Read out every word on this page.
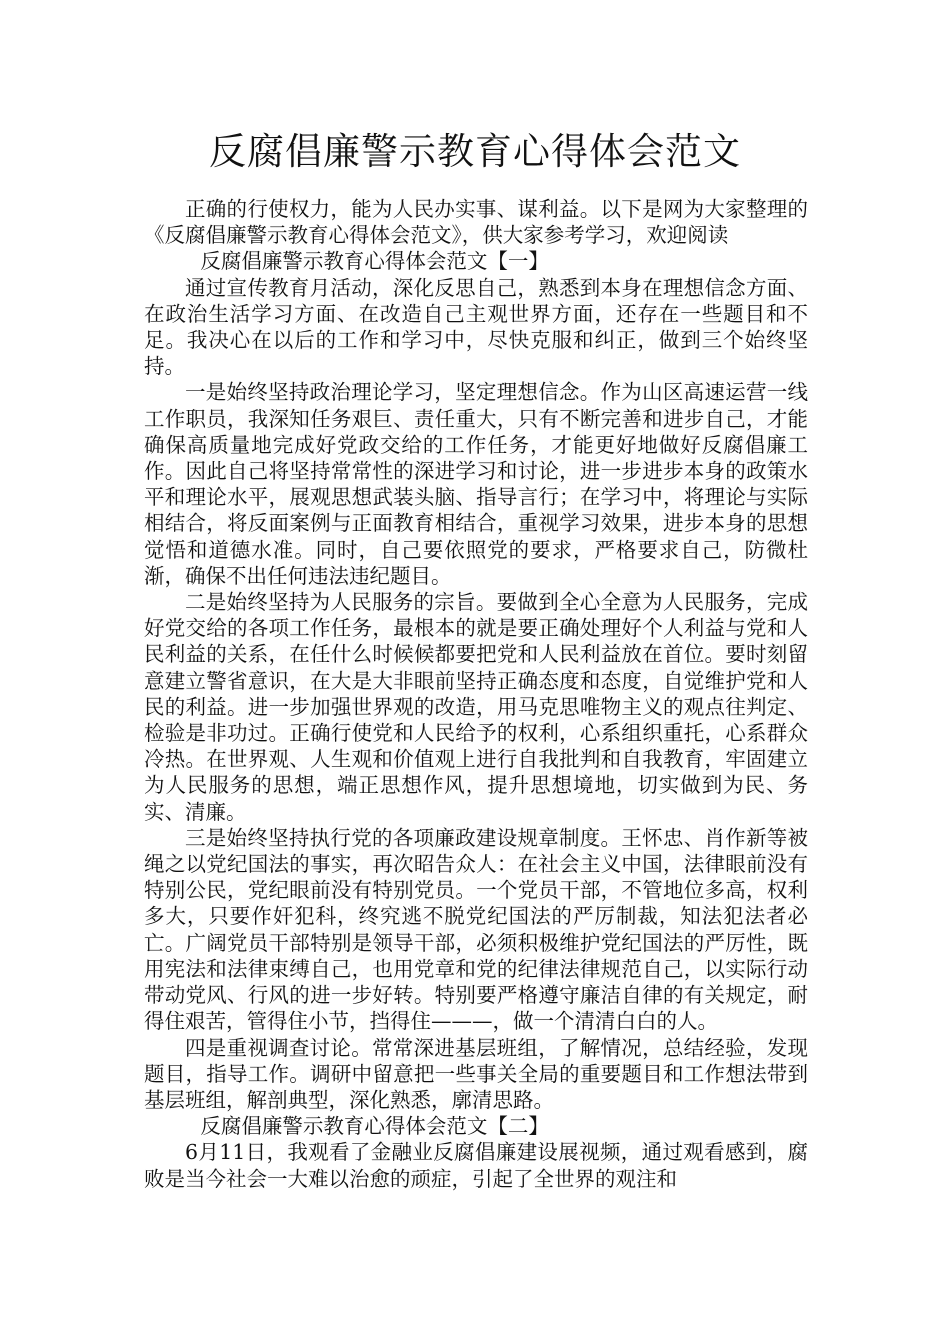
反腐倡廉警示教育心得体会范文

正确的行使权力，能为人民办实事、谋利益。以下是网为大家整理的《反腐倡廉警示教育心得体会范文》，供大家参考学习，欢迎阅读

反腐倡廉警示教育心得体会范文【一】

通过宣传教育月活动，深化反思自己，熟悉到本身在理想信念方面、在政治生活学习方面、在改造自己主观世界方面，还存在一些题目和不足。我决心在以后的工作和学习中，尽快克服和纠正，做到三个始终坚持。

一是始终坚持政治理论学习，坚定理想信念。作为山区高速运营一线工作职员，我深知任务艰巨、责任重大，只有不断完善和进步自己，才能确保高质量地完成好党政交给的工作任务，才能更好地做好反腐倡廉工作。因此自己将坚持常常性的深进学习和讨论，进一步进步本身的政策水平和理论水平，展观思想武装头脑、指导言行；在学习中，将理论与实际相结合，将反面案例与正面教育相结合，重视学习效果，进步本身的思想觉悟和道德水准。同时，自己要依照党的要求，严格要求自己，防微杜渐，确保不出任何违法违纪题目。

二是始终坚持为人民服务的宗旨。要做到全心全意为人民服务，完成好党交给的各项工作任务，最根本的就是要正确处理好个人利益与党和人民利益的关系，在任什么时候候都要把党和人民利益放在首位。要时刻留意建立警省意识，在大是大非眼前坚持正确态度和态度，自觉维护党和人民的利益。进一步加强世界观的改造，用马克思唯物主义的观点往判定、检验是非功过。正确行使党和人民给予的权利，心系组织重托，心系群众冷热。在世界观、人生观和价值观上进行自我批判和自我教育，牢固建立为人民服务的思想，端正思想作风，提升思想境地，切实做到为民、务实、清廉。

三是始终坚持执行党的各项廉政建设规章制度。王怀忠、肖作新等被绳之以党纪国法的事实，再次昭告众人：在社会主义中国，法律眼前没有特别公民，党纪眼前没有特别党员。一个党员干部，不管地位多高，权利多大，只要作奸犯科，终究逃不脱党纪国法的严厉制裁，知法犯法者必亡。广阔党员干部特别是领导干部，必须积极维护党纪国法的严厉性，既用宪法和法律束缚自己，也用党章和党的纪律法律规范自己，以实际行动带动党风、行风的进一步好转。特别要严格遵守廉洁自律的有关规定，耐得住艰苦，管得住小节，挡得住———，做一个清清白白的人。

四是重视调查讨论。常常深进基层班组，了解情况，总结经验，发现题目，指导工作。调研中留意把一些事关全局的重要题目和工作想法带到基层班组，解剖典型，深化熟悉，廓清思路。

反腐倡廉警示教育心得体会范文【二】

6月11日，我观看了金融业反腐倡廉建设展视频，通过观看感到，腐败是当今社会一大难以治愈的顽症，引起了全世界的观注和
